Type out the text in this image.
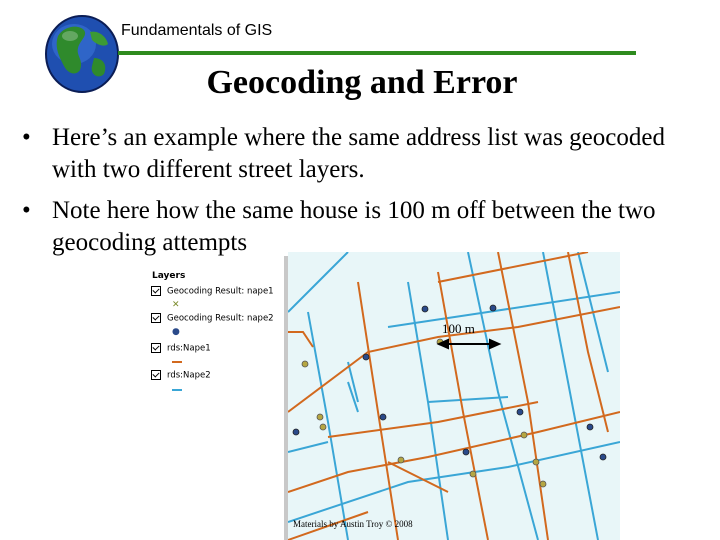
Fundamentals of GIS
Geocoding and Error
• Here’s an example where the same address list was geocoded with two different street layers.
• Note here how the same house is 100 m off between the two geocoding attempts
Layers
Geocoding Result: nape1
✕
Geocoding Result: nape2
●
rds:Nape1
rds:Nape2
100 m
Materials by Austin Troy © 2008
